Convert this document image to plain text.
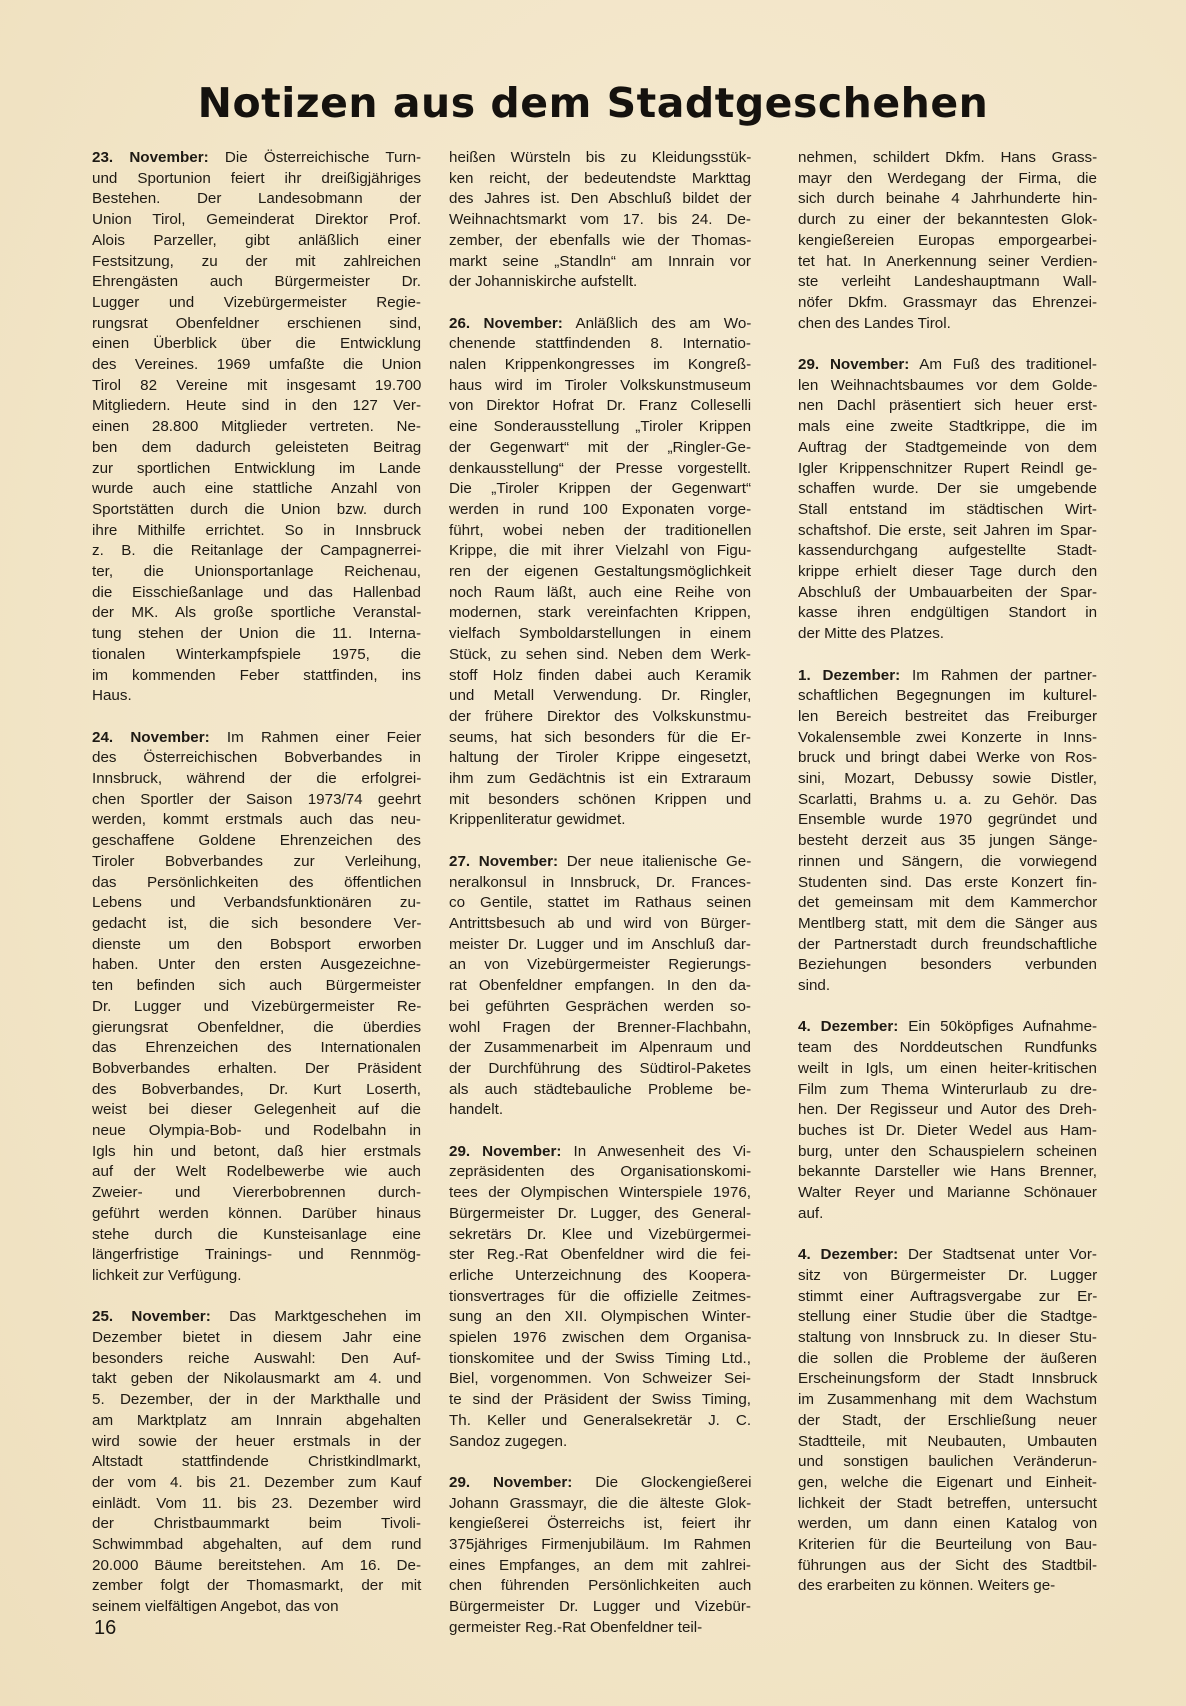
Notizen aus dem Stadtgeschehen
23. November: Die Österreichische Turn-
und Sportunion feiert ihr dreißigjähriges
Bestehen. Der Landesobmann der
Union Tirol, Gemeinderat Direktor Prof.
Alois Parzeller, gibt anläßlich einer
Festsitzung, zu der mit zahlreichen
Ehrengästen auch Bürgermeister Dr.
Lugger und Vizebürgermeister Regie-
rungsrat Obenfeldner erschienen sind,
einen Überblick über die Entwicklung
des Vereines. 1969 umfaßte die Union
Tirol 82 Vereine mit insgesamt 19.700
Mitgliedern. Heute sind in den 127 Ver-
einen 28.800 Mitglieder vertreten. Ne-
ben dem dadurch geleisteten Beitrag
zur sportlichen Entwicklung im Lande
wurde auch eine stattliche Anzahl von
Sportstätten durch die Union bzw. durch
ihre Mithilfe errichtet. So in Innsbruck
z. B. die Reitanlage der Campagnerrei-
ter, die Unionsportanlage Reichenau,
die Eisschießanlage und das Hallenbad
der MK. Als große sportliche Veranstal-
tung stehen der Union die 11. Interna-
tionalen Winterkampfspiele 1975, die
im kommenden Feber stattfinden, ins
Haus.
24. November: Im Rahmen einer Feier
des Österreichischen Bobverbandes in
Innsbruck, während der die erfolgrei-
chen Sportler der Saison 1973/74 geehrt
werden, kommt erstmals auch das neu-
geschaffene Goldene Ehrenzeichen des
Tiroler Bobverbandes zur Verleihung,
das Persönlichkeiten des öffentlichen
Lebens und Verbandsfunktionären zu-
gedacht ist, die sich besondere Ver-
dienste um den Bobsport erworben
haben. Unter den ersten Ausgezeichne-
ten befinden sich auch Bürgermeister
Dr. Lugger und Vizebürgermeister Re-
gierungsrat Obenfeldner, die überdies
das Ehrenzeichen des Internationalen
Bobverbandes erhalten. Der Präsident
des Bobverbandes, Dr. Kurt Loserth,
weist bei dieser Gelegenheit auf die
neue Olympia-Bob- und Rodelbahn in
Igls hin und betont, daß hier erstmals
auf der Welt Rodelbewerbe wie auch
Zweier- und Viererbobrennen durch-
geführt werden können. Darüber hinaus
stehe durch die Kunsteisanlage eine
längerfristige Trainings- und Rennmög-
lichkeit zur Verfügung.
25. November: Das Marktgeschehen im
Dezember bietet in diesem Jahr eine
besonders reiche Auswahl: Den Auf-
takt geben der Nikolausmarkt am 4. und
5. Dezember, der in der Markthalle und
am Marktplatz am Innrain abgehalten
wird sowie der heuer erstmals in der
Altstadt stattfindende Christkindlmarkt,
der vom 4. bis 21. Dezember zum Kauf
einlädt. Vom 11. bis 23. Dezember wird
der Christbaummarkt beim Tivoli-
Schwimmbad abgehalten, auf dem rund
20.000 Bäume bereitstehen. Am 16. De-
zember folgt der Thomasmarkt, der mit
seinem vielfältigen Angebot, das von
heißen Würsteln bis zu Kleidungsstük-
ken reicht, der bedeutendste Markttag
des Jahres ist. Den Abschluß bildet der
Weihnachtsmarkt vom 17. bis 24. De-
zember, der ebenfalls wie der Thomas-
markt seine „Standln“ am Innrain vor
der Johanniskirche aufstellt.
26. November: Anläßlich des am Wo-
chenende stattfindenden 8. Internatio-
nalen Krippenkongresses im Kongreß-
haus wird im Tiroler Volkskunstmuseum
von Direktor Hofrat Dr. Franz Colleselli
eine Sonderausstellung „Tiroler Krippen
der Gegenwart“ mit der „Ringler-Ge-
denkausstellung“ der Presse vorgestellt.
Die „Tiroler Krippen der Gegenwart“
werden in rund 100 Exponaten vorge-
führt, wobei neben der traditionellen
Krippe, die mit ihrer Vielzahl von Figu-
ren der eigenen Gestaltungsmöglichkeit
noch Raum läßt, auch eine Reihe von
modernen, stark vereinfachten Krippen,
vielfach Symboldarstellungen in einem
Stück, zu sehen sind. Neben dem Werk-
stoff Holz finden dabei auch Keramik
und Metall Verwendung. Dr. Ringler,
der frühere Direktor des Volkskunstmu-
seums, hat sich besonders für die Er-
haltung der Tiroler Krippe eingesetzt,
ihm zum Gedächtnis ist ein Extraraum
mit besonders schönen Krippen und
Krippenliteratur gewidmet.
27. November: Der neue italienische Ge-
neralkonsul in Innsbruck, Dr. Frances-
co Gentile, stattet im Rathaus seinen
Antrittsbesuch ab und wird von Bürger-
meister Dr. Lugger und im Anschluß dar-
an von Vizebürgermeister Regierungs-
rat Obenfeldner empfangen. In den da-
bei geführten Gesprächen werden so-
wohl Fragen der Brenner-Flachbahn,
der Zusammenarbeit im Alpenraum und
der Durchführung des Südtirol-Paketes
als auch städtebauliche Probleme be-
handelt.
29. November: In Anwesenheit des Vi-
zepräsidenten des Organisationskomi-
tees der Olympischen Winterspiele 1976,
Bürgermeister Dr. Lugger, des General-
sekretärs Dr. Klee und Vizebürgermei-
ster Reg.-Rat Obenfeldner wird die fei-
erliche Unterzeichnung des Koopera-
tionsvertrages für die offizielle Zeitmes-
sung an den XII. Olympischen Winter-
spielen 1976 zwischen dem Organisa-
tionskomitee und der Swiss Timing Ltd.,
Biel, vorgenommen. Von Schweizer Sei-
te sind der Präsident der Swiss Timing,
Th. Keller und Generalsekretär J. C.
Sandoz zugegen.
29. November: Die Glockengießerei
Johann Grassmayr, die die älteste Glok-
kengießerei Österreichs ist, feiert ihr
375jähriges Firmenjubiläum. Im Rahmen
eines Empfanges, an dem mit zahlrei-
chen führenden Persönlichkeiten auch
Bürgermeister Dr. Lugger und Vizebür-
germeister Reg.-Rat Obenfeldner teil-
nehmen, schildert Dkfm. Hans Grass-
mayr den Werdegang der Firma, die
sich durch beinahe 4 Jahrhunderte hin-
durch zu einer der bekanntesten Glok-
kengießereien Europas emporgearbei-
tet hat. In Anerkennung seiner Verdien-
ste verleiht Landeshauptmann Wall-
nöfer Dkfm. Grassmayr das Ehrenzei-
chen des Landes Tirol.
29. November: Am Fuß des traditionel-
len Weihnachtsbaumes vor dem Golde-
nen Dachl präsentiert sich heuer erst-
mals eine zweite Stadtkrippe, die im
Auftrag der Stadtgemeinde von dem
Igler Krippenschnitzer Rupert Reindl ge-
schaffen wurde. Der sie umgebende
Stall entstand im städtischen Wirt-
schaftshof. Die erste, seit Jahren im Spar-
kassendurchgang aufgestellte Stadt-
krippe erhielt dieser Tage durch den
Abschluß der Umbauarbeiten der Spar-
kasse ihren endgültigen Standort in
der Mitte des Platzes.
1. Dezember: Im Rahmen der partner-
schaftlichen Begegnungen im kulturel-
len Bereich bestreitet das Freiburger
Vokalensemble zwei Konzerte in Inns-
bruck und bringt dabei Werke von Ros-
sini, Mozart, Debussy sowie Distler,
Scarlatti, Brahms u. a. zu Gehör. Das
Ensemble wurde 1970 gegründet und
besteht derzeit aus 35 jungen Sänge-
rinnen und Sängern, die vorwiegend
Studenten sind. Das erste Konzert fin-
det gemeinsam mit dem Kammerchor
Mentlberg statt, mit dem die Sänger aus
der Partnerstadt durch freundschaftliche
Beziehungen besonders verbunden
sind.
4. Dezember: Ein 50köpfiges Aufnahme-
team des Norddeutschen Rundfunks
weilt in Igls, um einen heiter-kritischen
Film zum Thema Winterurlaub zu dre-
hen. Der Regisseur und Autor des Dreh-
buches ist Dr. Dieter Wedel aus Ham-
burg, unter den Schauspielern scheinen
bekannte Darsteller wie Hans Brenner,
Walter Reyer und Marianne Schönauer
auf.
4. Dezember: Der Stadtsenat unter Vor-
sitz von Bürgermeister Dr. Lugger
stimmt einer Auftragsvergabe zur Er-
stellung einer Studie über die Stadtge-
staltung von Innsbruck zu. In dieser Stu-
die sollen die Probleme der äußeren
Erscheinungsform der Stadt Innsbruck
im Zusammenhang mit dem Wachstum
der Stadt, der Erschließung neuer
Stadtteile, mit Neubauten, Umbauten
und sonstigen baulichen Veränderun-
gen, welche die Eigenart und Einheit-
lichkeit der Stadt betreffen, untersucht
werden, um dann einen Katalog von
Kriterien für die Beurteilung von Bau-
führungen aus der Sicht des Stadtbil-
des erarbeiten zu können. Weiters ge-
16
